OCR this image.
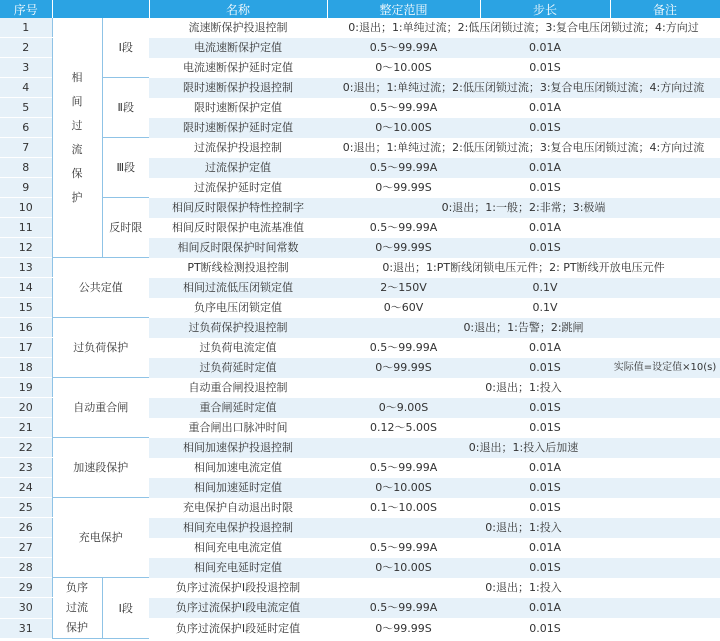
序号			名称	整定范围	步长	备注
1	相间过流保护	Ⅰ段	流速断保护投退控制	0:退出；1:单纯过流；2:低压闭锁过流；3:复合电压闭锁过流；4:方向过		
2			电流速断保护定值	0.5～99.99A	0.01A	
3			电流速断保护延时定值	0～10.00S	0.01S	
4		Ⅱ段	限时速断保护投退控制	0:退出；1:单纯过流；2:低压闭锁过流；3:复合电压闭锁过流；4:方向过流		
5			限时速断保护定值	0.5～99.99A	0.01A	
6			限时速断保护延时定值	0～10.00S	0.01S	
7		Ⅲ段	过流保护投退控制	0:退出；1:单纯过流；2:低压闭锁过流；3:复合电压闭锁过流；4:方向过流		
8			过流保护定值	0.5～99.99A	0.01A	
9			过流保护延时定值	0～99.99S	0.01S	
10		反时限	相间反时限保护特性控制字	0:退出；1:一般；2:非常；3:极端		
11			相间反时限保护电流基准值	0.5～99.99A	0.01A	
12			相间反时限保护时间常数	0～99.99S	0.01S	
13	公共定值		PT断线检测投退控制	0:退出；1:PT断线闭锁电压元件；2: PT断线开放电压元件		
14			相间过流低压闭锁定值	2～150V	0.1V	
15			负序电压闭锁定值	0～60V	0.1V	
16	过负荷保护		过负荷保护投退控制	0:退出；1:告警；2:跳闸		
17			过负荷电流定值	0.5～99.99A	0.01A	
18			过负荷延时定值	0～99.99S	0.01S	实际值=设定值×10(s)
19	自动重合闸		自动重合闸投退控制	0:退出；1:投入		
20			重合闸延时定值	0～9.00S	0.01S	
21			重合闸出口脉冲时间	0.12～5.00S	0.01S	
22	加速段保护		相间加速保护投退控制	0:退出；1:投入后加速		
23			相间加速电流定值	0.5～99.99A	0.01A	
24			相间加速延时定值	0～10.00S	0.01S	
25	充电保护		充电保护自动退出时限	0.1～10.00S	0.01S	
26			相间充电保护投退控制	0:退出；1:投入		
27			相间充电电流定值	0.5～99.99A	0.01A	
28			相间充电延时定值	0～10.00S	0.01S	
29	负序过流保护	Ⅰ段	负序过流保护Ⅰ段投退控制	0:退出；1:投入		
30			负序过流保护Ⅰ段电流定值	0.5～99.99A	0.01A	
31			负序过流保护Ⅰ段延时定值	0～99.99S	0.01S	
